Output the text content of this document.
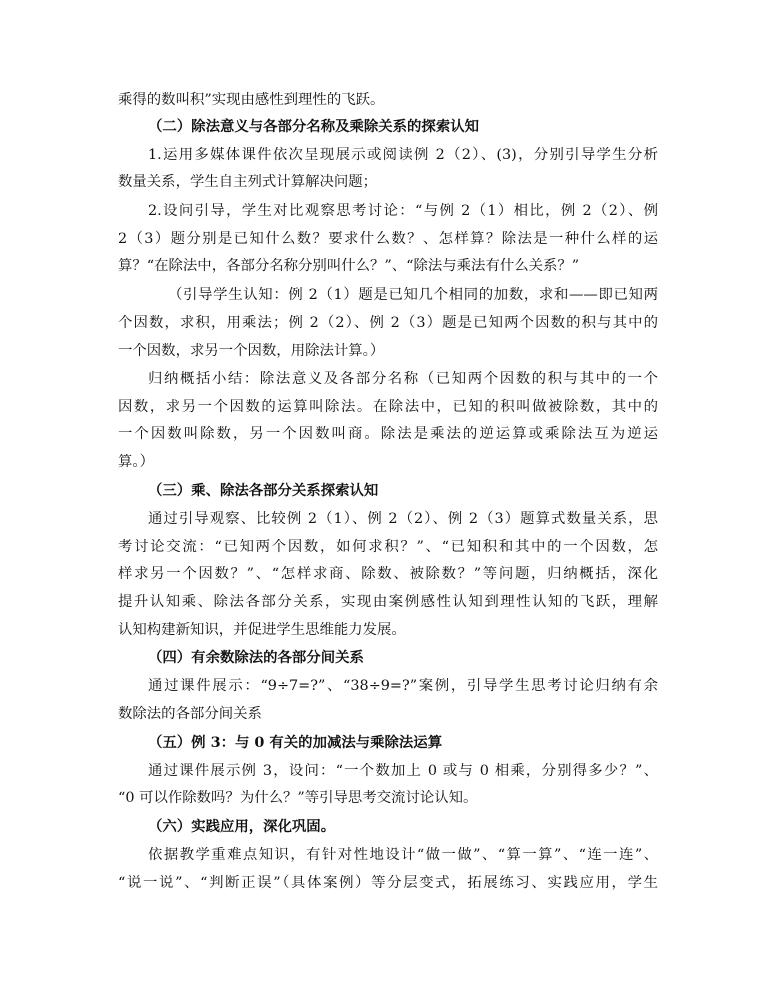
乘得的数叫积”实现由感性到理性的飞跃。
（二）除法意义与各部分名称及乘除关系的探索认知
1.运用多媒体课件依次呈现展示或阅读例 2（2）、(3)，分别引导学生分析
数量关系，学生自主列式计算解决问题；
2.设问引导，学生对比观察思考讨论：“与例 2（1）相比，例 2（2）、例
2（3）题分别是已知什么数？要求什么数？、怎样算？除法是一种什么样的运
算？“在除法中，各部分名称分别叫什么？”、“除法与乘法有什么关系？”
（引导学生认知：例 2（1）题是已知几个相同的加数，求和——即已知两
个因数，求积，用乘法；例 2（2）、例 2（3）题是已知两个因数的积与其中的
一个因数，求另一个因数，用除法计算。）
归纳概括小结：除法意义及各部分名称（已知两个因数的积与其中的一个
因数，求另一个因数的运算叫除法。在除法中，已知的积叫做被除数，其中的
一个因数叫除数，另一个因数叫商。除法是乘法的逆运算或乘除法互为逆运
算。）
（三）乘、除法各部分关系探索认知
通过引导观察、比较例 2（1）、例 2（2）、例 2（3）题算式数量关系，思
考讨论交流：“已知两个因数，如何求积？”、“已知积和其中的一个因数，怎
样求另一个因数？”、“怎样求商、除数、被除数？”等问题，归纳概括，深化
提升认知乘、除法各部分关系，实现由案例感性认知到理性认知的飞跃，理解
认知构建新知识，并促进学生思维能力发展。
（四）有余数除法的各部分间关系
通过课件展示：“9÷7=?”、“38÷9=?”案例，引导学生思考讨论归纳有余
数除法的各部分间关系
（五）例 3：与 0 有关的加减法与乘除法运算
通过课件展示例 3，设问：“一个数加上 0 或与 0 相乘，分别得多少？”、
“0 可以作除数吗？为什么？”等引导思考交流讨论认知。
（六）实践应用，深化巩固。
依据教学重难点知识，有针对性地设计“做一做”、“算一算”、“连一连”、
“说一说”、“判断正误”（具体案例）等分层变式，拓展练习、实践应用，学生
